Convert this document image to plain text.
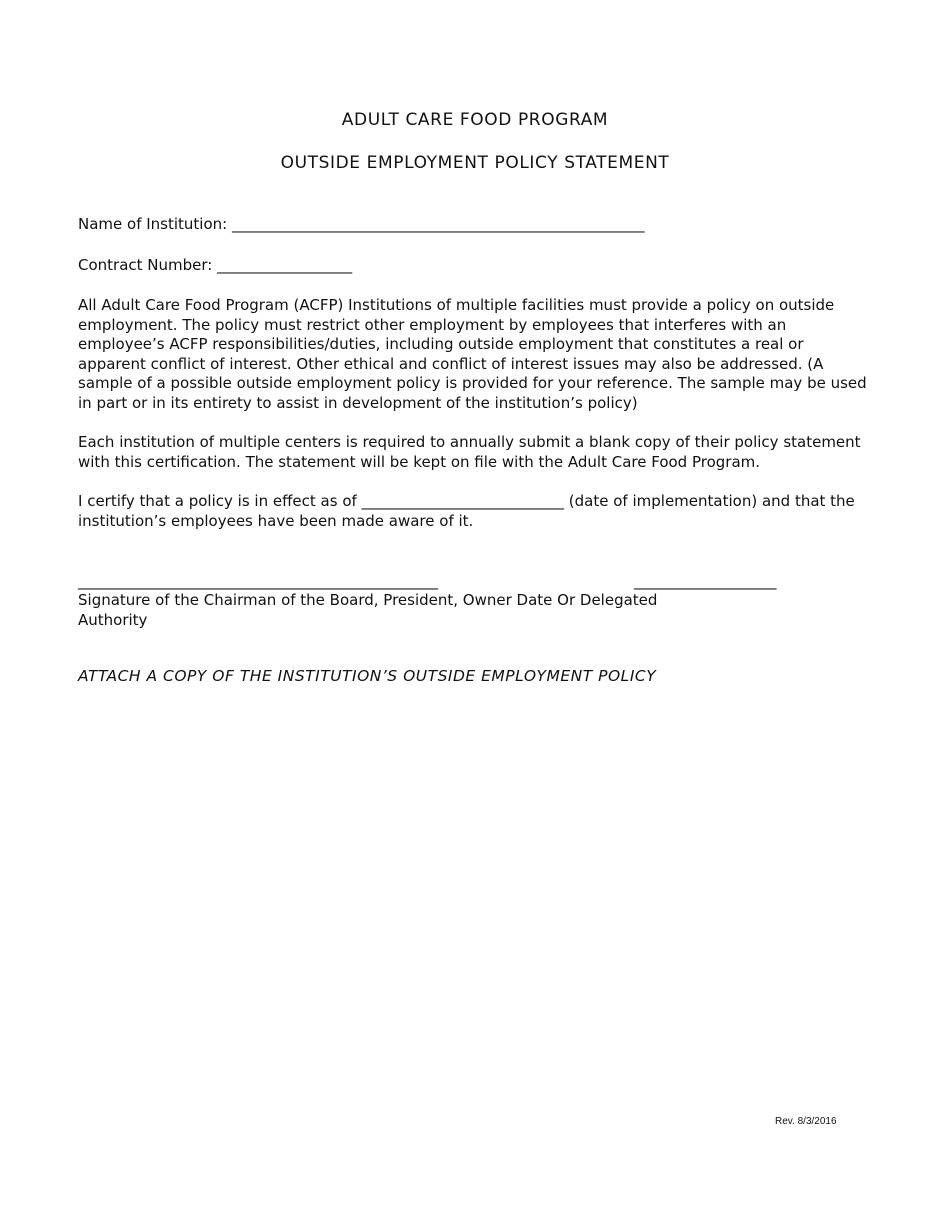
ADULT CARE FOOD PROGRAM
OUTSIDE EMPLOYMENT POLICY STATEMENT
Name of Institution: _______________________________________________________
Contract Number: __________________
All Adult Care Food Program (ACFP) Institutions of multiple facilities must provide a policy on outside employment. The policy must restrict other employment by employees that interferes with an employee’s ACFP responsibilities/duties, including outside employment that constitutes a real or apparent conflict of interest. Other ethical and conflict of interest issues may also be addressed. (A sample of a possible outside employment policy is provided for your reference. The sample may be used in part or in its entirety to assist in development of the institution’s policy)
Each institution of multiple centers is required to annually submit a blank copy of their policy statement with this certification. The statement will be kept on file with the Adult Care Food Program.
I certify that a policy is in effect as of ___________________________ (date of implementation) and that the institution’s employees have been made aware of it.
________________________________________________	___________________
Signature of the Chairman of the Board, President, Owner Date Or Delegated Authority
ATTACH A COPY OF THE INSTITUTION’S OUTSIDE EMPLOYMENT POLICY
Rev. 8/3/2016
